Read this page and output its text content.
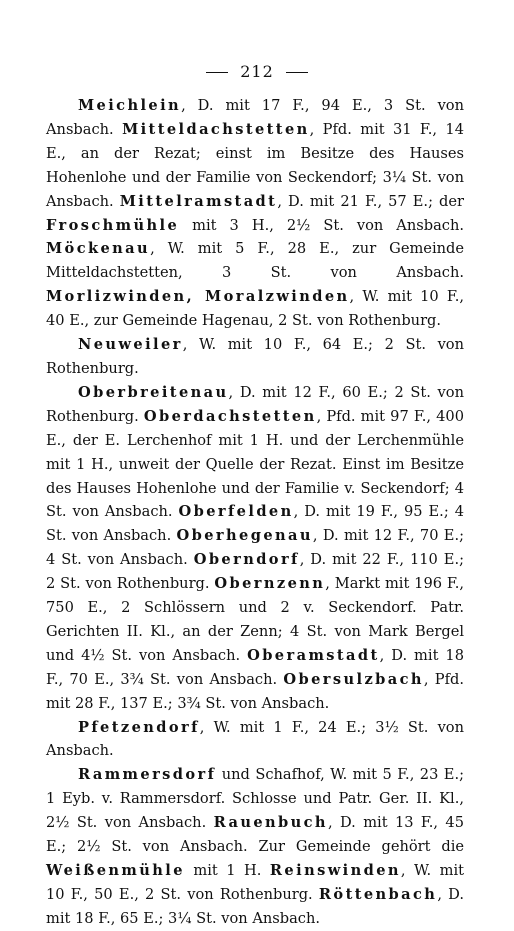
212

Meichlein, D. mit 17 F., 94 E., 3 St. von Ansbach. Mitteldachstetten, Pfd. mit 31 F., 14 E., an der Rezat; einst im Besitze des Hauses Hohenlohe und der Familie von Seckendorf; 3¼ St. von Ansbach. Mittelramstadt, D. mit 21 F., 57 E.; der Froschmühle mit 3 H., 2½ St. von Ansbach. Möckenau, W. mit 5 F., 28 E., zur Gemeinde Mitteldachstetten, 3 St. von Ansbach. Morlizwinden, Moralzwinden, W. mit 10 F., 40 E., zur Gemeinde Hagenau, 2 St. von Rothenburg.

Neuweiler, W. mit 10 F., 64 E.; 2 St. von Rothenburg.

Oberbreitenau, D. mit 12 F., 60 E.; 2 St. von Rothenburg. Oberdachstetten, Pfd. mit 97 F., 400 E., der E. Lerchenhof mit 1 H. und der Lerchenmühle mit 1 H., unweit der Quelle der Rezat. Einst im Besitze des Hauses Hohenlohe und der Familie v. Seckendorf; 4 St. von Ansbach. Oberfelden, D. mit 19 F., 95 E.; 4 St. von Ansbach. Oberhegenau, D. mit 12 F., 70 E.; 4 St. von Ansbach. Oberndorf, D. mit 22 F., 110 E.; 2 St. von Rothenburg. Obernzenn, Markt mit 196 F., 750 E., 2 Schlössern und 2 v. Seckendorf. Patr. Gerichten II. Kl., an der Zenn; 4 St. von Mark Bergel und 4½ St. von Ansbach. Oberamstadt, D. mit 18 F., 70 E., 3¾ St. von Ansbach. Obersulzbach, Pfd. mit 28 F., 137 E.; 3¾ St. von Ansbach.

Pfetzendorf, W. mit 1 F., 24 E.; 3½ St. von Ansbach.

Rammersdorf und Schafhof, W. mit 5 F., 23 E.; 1 Eyb. v. Rammersdorf. Schlosse und Patr. Ger. II. Kl., 2½ St. von Ansbach. Rauenbuch, D. mit 13 F., 45 E.; 2½ St. von Ansbach. Zur Gemeinde gehört die Weißenmühle mit 1 H. Reinswinden, W. mit 10 F., 50 E., 2 St. von Rothenburg. Röttenbach, D. mit 18 F., 65 E.; 3¼ St. von Ansbach.
